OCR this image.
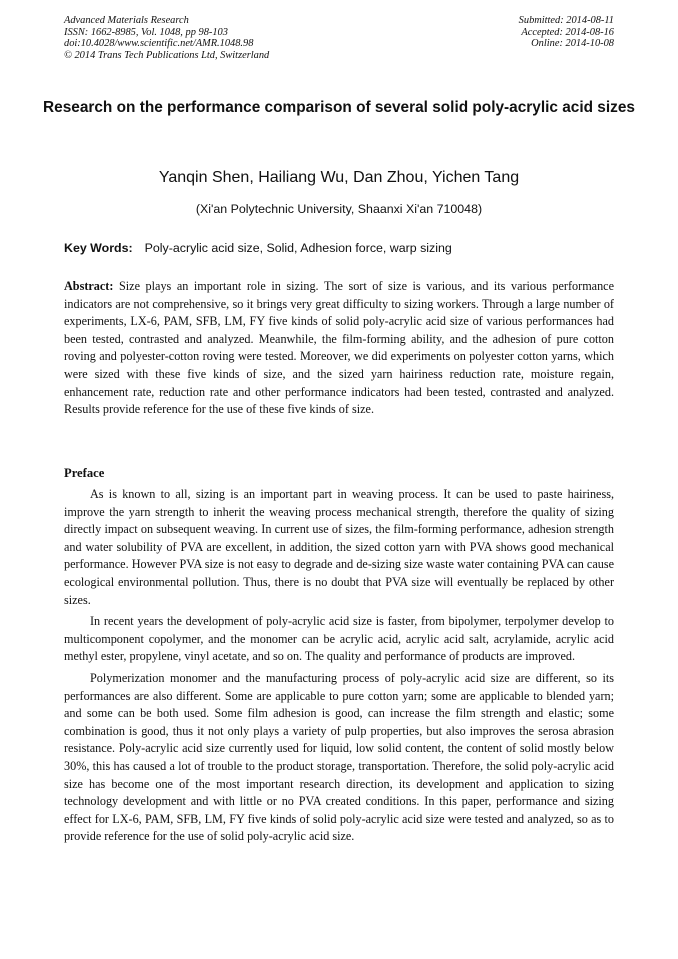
Advanced Materials Research
ISSN: 1662-8985, Vol. 1048, pp 98-103
doi:10.4028/www.scientific.net/AMR.1048.98
© 2014 Trans Tech Publications Ltd, Switzerland
Submitted: 2014-08-11
Accepted: 2014-08-16
Online: 2014-10-08
Research on the performance comparison of several solid poly-acrylic acid sizes
Yanqin Shen, Hailiang Wu, Dan Zhou, Yichen Tang
(Xi'an Polytechnic University, Shaanxi Xi'an 710048)
Key Words: Poly-acrylic acid size, Solid, Adhesion force, warp sizing
Abstract: Size plays an important role in sizing. The sort of size is various, and its various performance indicators are not comprehensive, so it brings very great difficulty to sizing workers. Through a large number of experiments, LX-6, PAM, SFB, LM, FY five kinds of solid poly-acrylic acid size of various performances had been tested, contrasted and analyzed. Meanwhile, the film-forming ability, and the adhesion of pure cotton roving and polyester-cotton roving were tested. Moreover, we did experiments on polyester cotton yarns, which were sized with these five kinds of size, and the sized yarn hairiness reduction rate, moisture regain, enhancement rate, reduction rate and other performance indicators had been tested, contrasted and analyzed. Results provide reference for the use of these five kinds of size.
Preface

As is known to all, sizing is an important part in weaving process. It can be used to paste hairiness, improve the yarn strength to inherit the weaving process mechanical strength, therefore the quality of sizing directly impact on subsequent weaving. In current use of sizes, the film-forming performance, adhesion strength and water solubility of PVA are excellent, in addition, the sized cotton yarn with PVA shows good mechanical performance. However PVA size is not easy to degrade and de-sizing size waste water containing PVA can cause ecological environmental pollution. Thus, there is no doubt that PVA size will eventually be replaced by other sizes.

In recent years the development of poly-acrylic acid size is faster, from bipolymer, terpolymer develop to multicomponent copolymer, and the monomer can be acrylic acid, acrylic acid salt, acrylamide, acrylic acid methyl ester, propylene, vinyl acetate, and so on. The quality and performance of products are improved.

Polymerization monomer and the manufacturing process of poly-acrylic acid size are different, so its performances are also different. Some are applicable to pure cotton yarn; some are applicable to blended yarn; and some can be both used. Some film adhesion is good, can increase the film strength and elastic; some combination is good, thus it not only plays a variety of pulp properties, but also improves the serosa abrasion resistance. Poly-acrylic acid size currently used for liquid, low solid content, the content of solid mostly below 30%, this has caused a lot of trouble to the product storage, transportation. Therefore, the solid poly-acrylic acid size has become one of the most important research direction, its development and application to sizing technology development and with little or no PVA created conditions. In this paper, performance and sizing effect for LX-6, PAM, SFB, LM, FY five kinds of solid poly-acrylic acid size were tested and analyzed, so as to provide reference for the use of solid poly-acrylic acid size.
